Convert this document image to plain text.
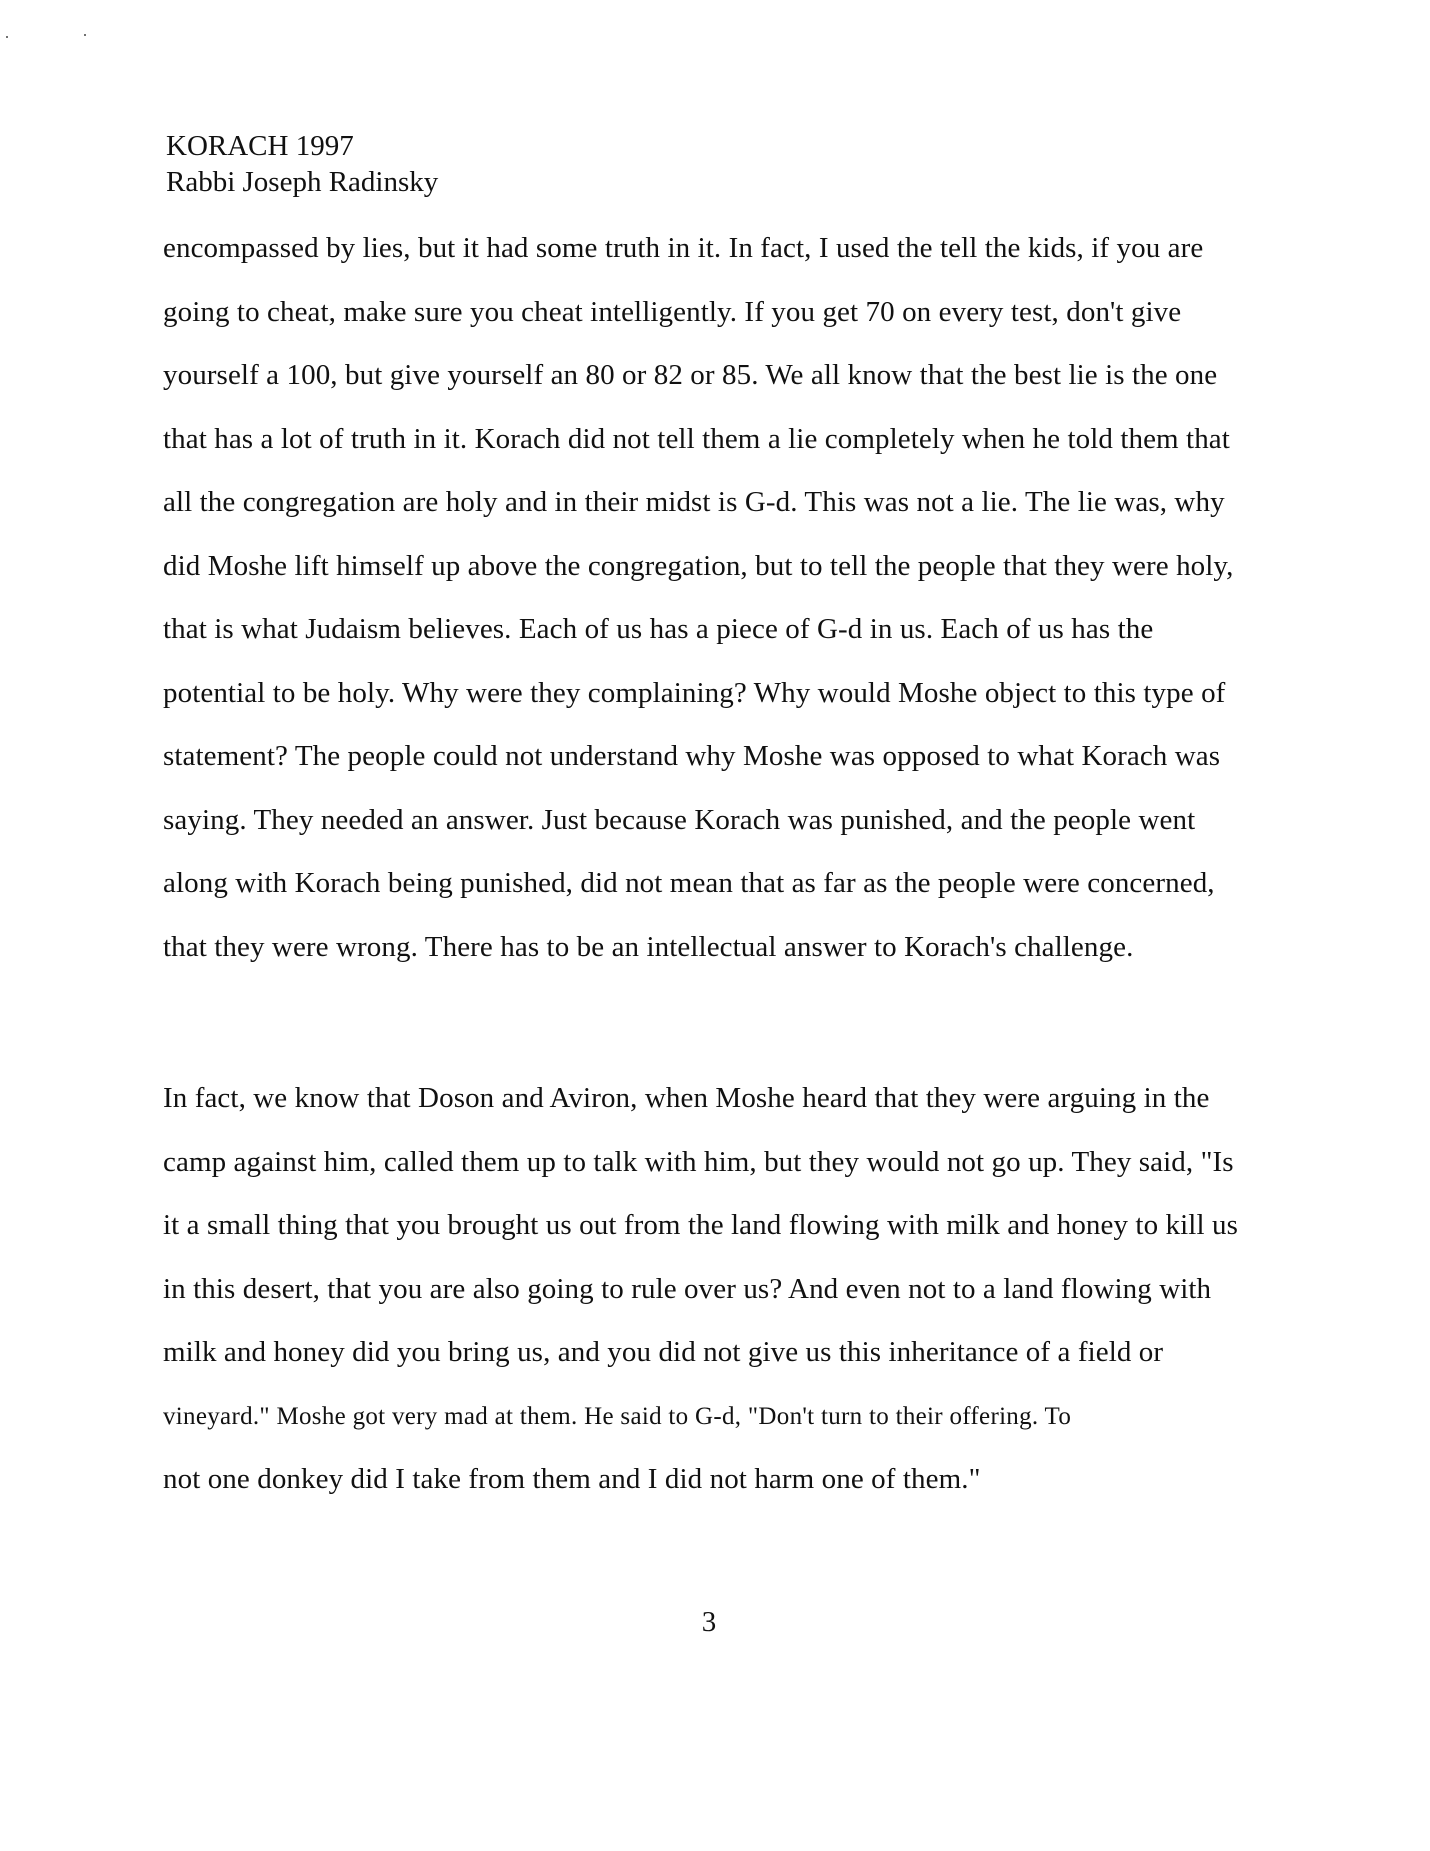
KORACH 1997
Rabbi Joseph Radinsky
encompassed by lies, but it had some truth in it. In fact, I used the tell the kids, if you are
going to cheat, make sure you cheat intelligently. If you get 70 on every test, don't give
yourself a 100, but give yourself an 80 or 82 or 85. We all know that the best lie is the one
that has a lot of truth in it. Korach did not tell them a lie completely when he told them that
all the congregation are holy and in their midst is G-d. This was not a lie. The lie was, why
did Moshe lift himself up above the congregation, but to tell the people that they were holy,
that is what Judaism believes. Each of us has a piece of G-d in us. Each of us has the
potential to be holy. Why were they complaining? Why would Moshe object to this type of
statement? The people could not understand why Moshe was opposed to what Korach was
saying. They needed an answer. Just because Korach was punished, and the people went
along with Korach being punished, did not mean that as far as the people were concerned,
that they were wrong. There has to be an intellectual answer to Korach's challenge.
In fact, we know that Doson and Aviron, when Moshe heard that they were arguing in the
camp against him, called them up to talk with him, but they would not go up. They said, "Is
it a small thing that you brought us out from the land flowing with milk and honey to kill us
in this desert, that you are also going to rule over us? And even not to a land flowing with
milk and honey did you bring us, and you did not give us this inheritance of a field or
vineyard." Moshe got very mad at them. He said to G-d, "Don't turn to their offering. To
not one donkey did I take from them and I did not harm one of them."
3
